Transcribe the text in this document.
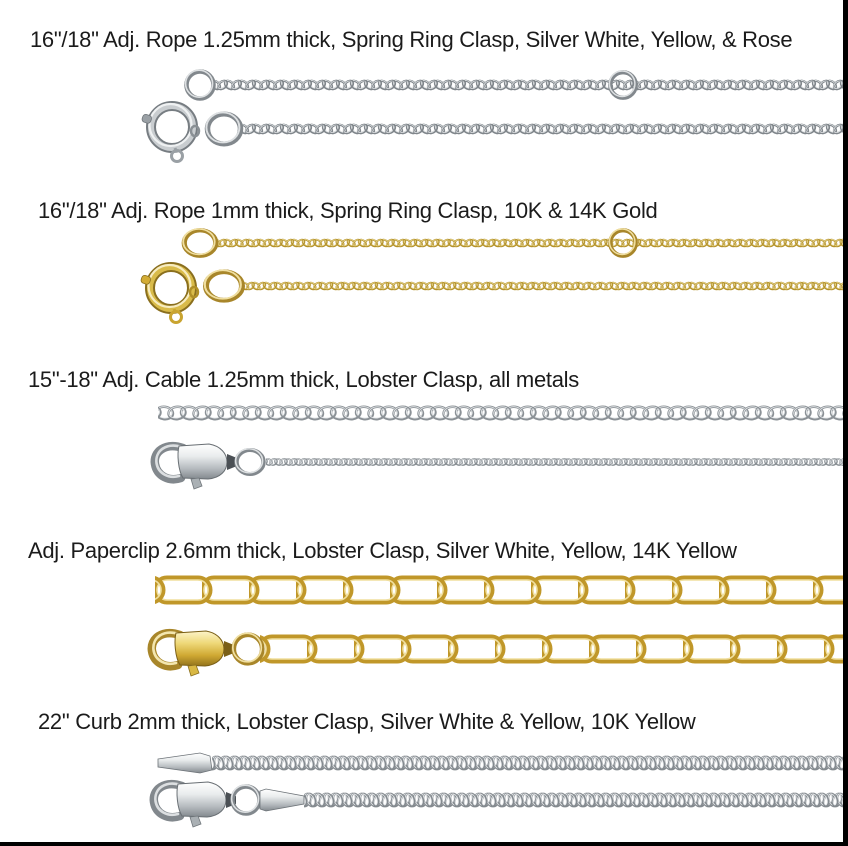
16"/18" Adj. Rope 1.25mm thick, Spring Ring Clasp, Silver White, Yellow, & Rose
16"/18" Adj. Rope 1mm thick, Spring Ring Clasp, 10K & 14K Gold
15"-18" Adj. Cable 1.25mm thick, Lobster Clasp, all metals
Adj. Paperclip 2.6mm thick, Lobster Clasp, Silver White, Yellow, 14K Yellow
22" Curb 2mm thick, Lobster Clasp, Silver White & Yellow, 10K Yellow
